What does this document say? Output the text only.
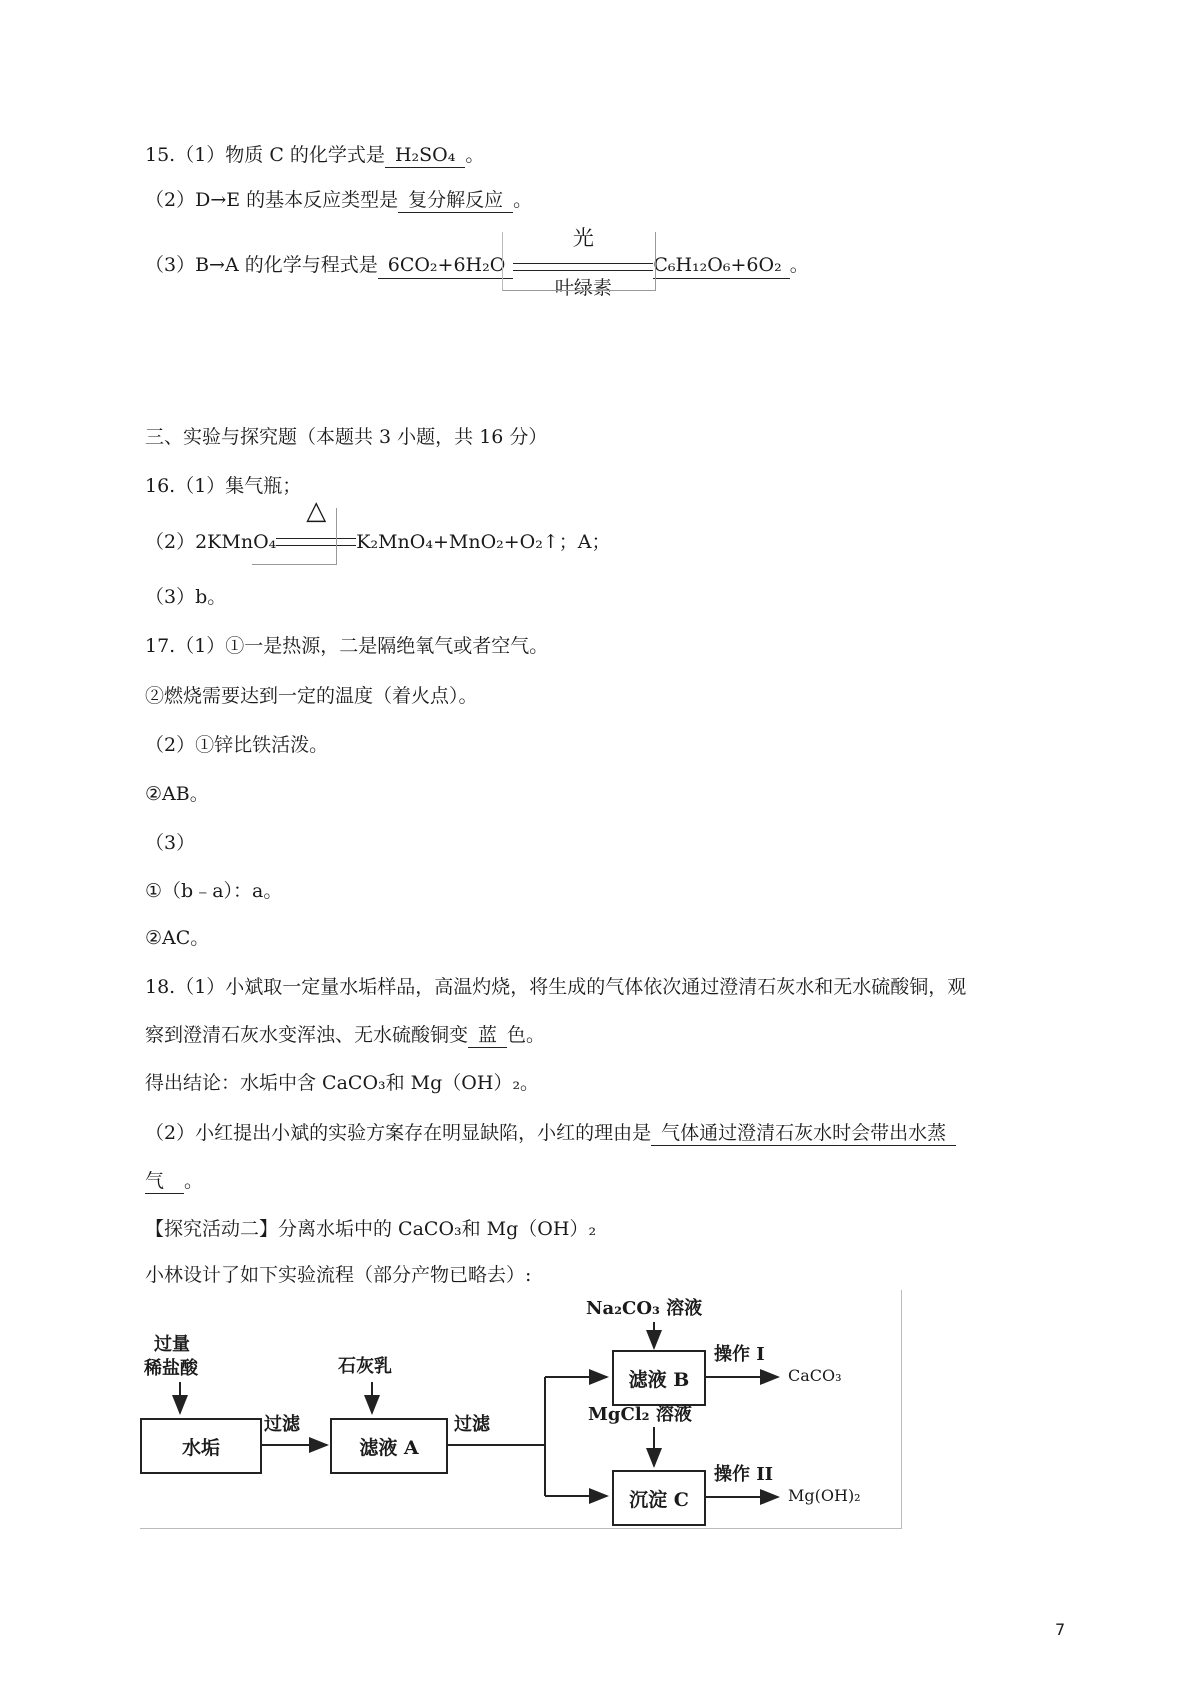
15.（1）物质 C 的化学式是 H₂SO₄ 。
（2）D→E 的基本反应类型是 复分解反应 。
（3）B→A 的化学与程式是 6CO₂+6H₂O
光
叶绿素
C₆H₁₂O₆+6O₂ 。
三、实验与探究题（本题共 3 小题，共 16 分）
16.（1）集气瓶；
（2）2KMnO₄
△
K₂MnO₄+MnO₂+O₂↑；A；
（3）b。
17.（1）①一是热源，二是隔绝氧气或者空气。
②燃烧需要达到一定的温度（着火点）。
（2）①锌比铁活泼。
②AB。
（3）
①（b﹣a）：a。
②AC。
18.（1）小斌取一定量水垢样品，高温灼烧，将生成的气体依次通过澄清石灰水和无水硫酸铜，观
察到澄清石灰水变浑浊、无水硫酸铜变 蓝 色。
得出结论：水垢中含 CaCO₃和 Mg（OH）₂。
（2）小红提出小斌的实验方案存在明显缺陷，小红的理由是 气体通过澄清石灰水时会带出水蒸
气 。
【探究活动二】分离水垢中的 CaCO₃和 Mg（OH）₂
小林设计了如下实验流程（部分产物已略去）:
过量
稀盐酸
水垢
过滤
石灰乳
滤液 A
过滤
Na₂CO₃ 溶液
滤液 B
操作 I
CaCO₃
MgCl₂ 溶液
沉淀 C
操作 II
Mg(OH)₂
7
